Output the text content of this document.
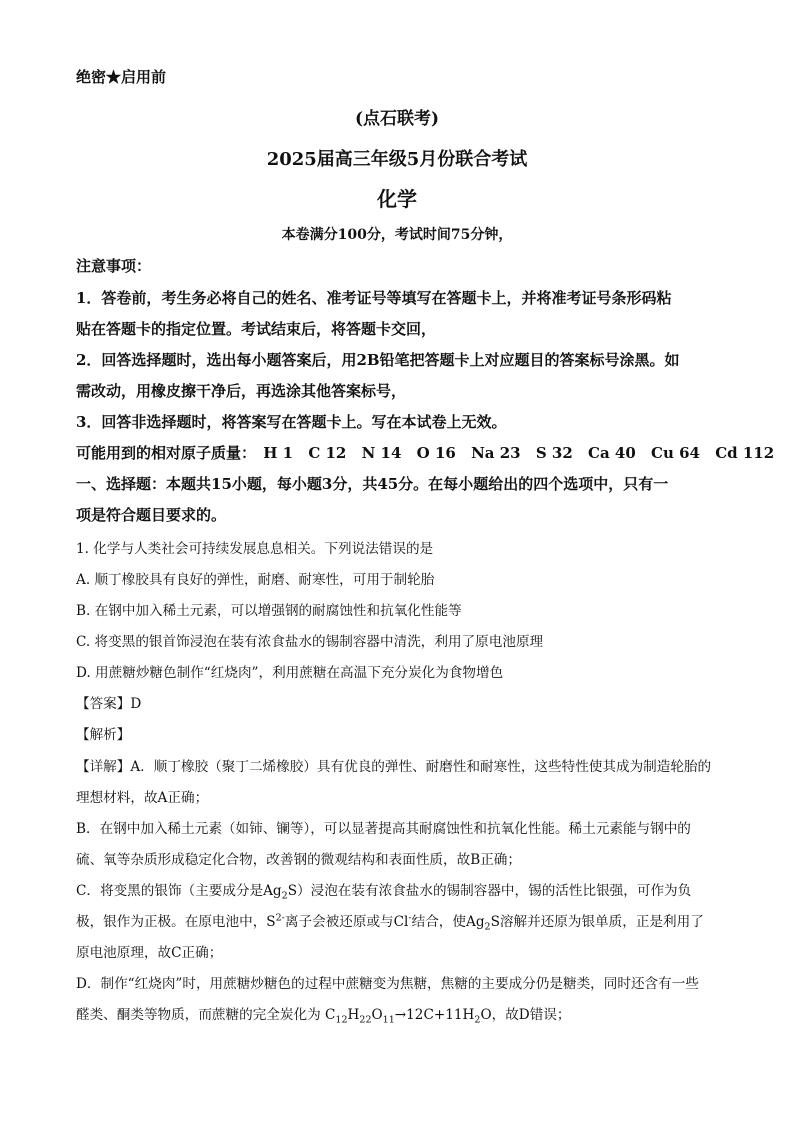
绝密★启用前
(点石联考)
2025届高三年级5月份联合考试
化学
本卷满分100分，考试时间75分钟，
注意事项：
1．答卷前，考生务必将自己的姓名、准考证号等填写在答题卡上，并将准考证号条形码粘
贴在答题卡的指定位置。考试结束后，将答题卡交回，
2．回答选择题时，选出每小题答案后，用2B铅笔把答题卡上对应题目的答案标号涂黑。如
需改动，用橡皮擦干净后，再选涂其他答案标号，
3．回答非选择题时，将答案写在答题卡上。写在本试卷上无效。
可能用到的相对原子质量： H 1 C 12 N 14 O 16 Na 23 S 32 Ca 40 Cu 64 Cd 112
一、选择题：本题共15小题，每小题3分，共45分。在每小题给出的四个选项中，只有一
项是符合题目要求的。
1. 化学与人类社会可持续发展息息相关。下列说法错误的是
A. 顺丁橡胶具有良好的弹性，耐磨、耐寒性，可用于制轮胎
B. 在钢中加入稀土元素，可以增强钢的耐腐蚀性和抗氧化性能等
C. 将变黑的银首饰浸泡在装有浓食盐水的锡制容器中清洗，利用了原电池原理
D. 用蔗糖炒糖色制作“红烧肉”，利用蔗糖在高温下充分炭化为食物增色
【答案】D
【解析】
【详解】A．顺丁橡胶（聚丁二烯橡胶）具有优良的弹性、耐磨性和耐寒性，这些特性使其成为制造轮胎的
理想材料，故A正确；
B．在钢中加入稀土元素（如铈、镧等），可以显著提高其耐腐蚀性和抗氧化性能。稀土元素能与钢中的
硫、氧等杂质形成稳定化合物，改善钢的微观结构和表面性质，故B正确；
C．将变黑的银饰（主要成分是$Ag_2S$）浸泡在装有浓食盐水的锡制容器中，锡的活性比银强，可作为负
极，银作为正极。在原电池中，$S^{2-}$离子会被还原或与Cl-结合，使$Ag_2S$溶解并还原为银单质，正是利用了
原电池原理，故C正确；
D．制作“红烧肉”时，用蔗糖炒糖色的过程中蔗糖变为焦糖，焦糖的主要成分仍是糖类，同时还含有一些
醛类、酮类等物质，而蔗糖的完全炭化为 $C_{12}H_{22}O_{11}\to 12C+11H_2O$，故D错误；
